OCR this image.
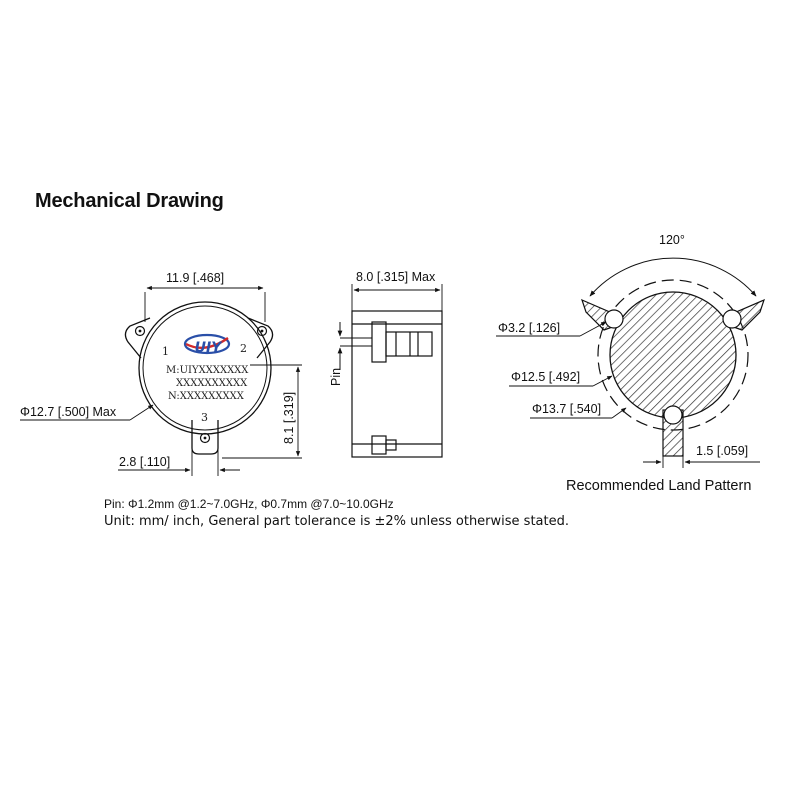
Mechanical Drawing
UIY
1	2
3
M:UIYXXXXXXX
XXXXXXXXXX
N:XXXXXXXXX
11.9 [.468]
Φ12.7 [.500] Max	8.1 [.319]
2.8 [.110]
Pin
8.0 [.315] Max
120°
Φ3.2 [.126]
Φ12.5 [.492]
Φ13.7 [.540]
1.5 [.059]
Recommended Land Pattern
Pin: Φ1.2mm @1.2~7.0GHz, Φ0.7mm @7.0~10.0GHz
Unit: mm/ inch, General part tolerance is ±2% unless otherwise stated.
